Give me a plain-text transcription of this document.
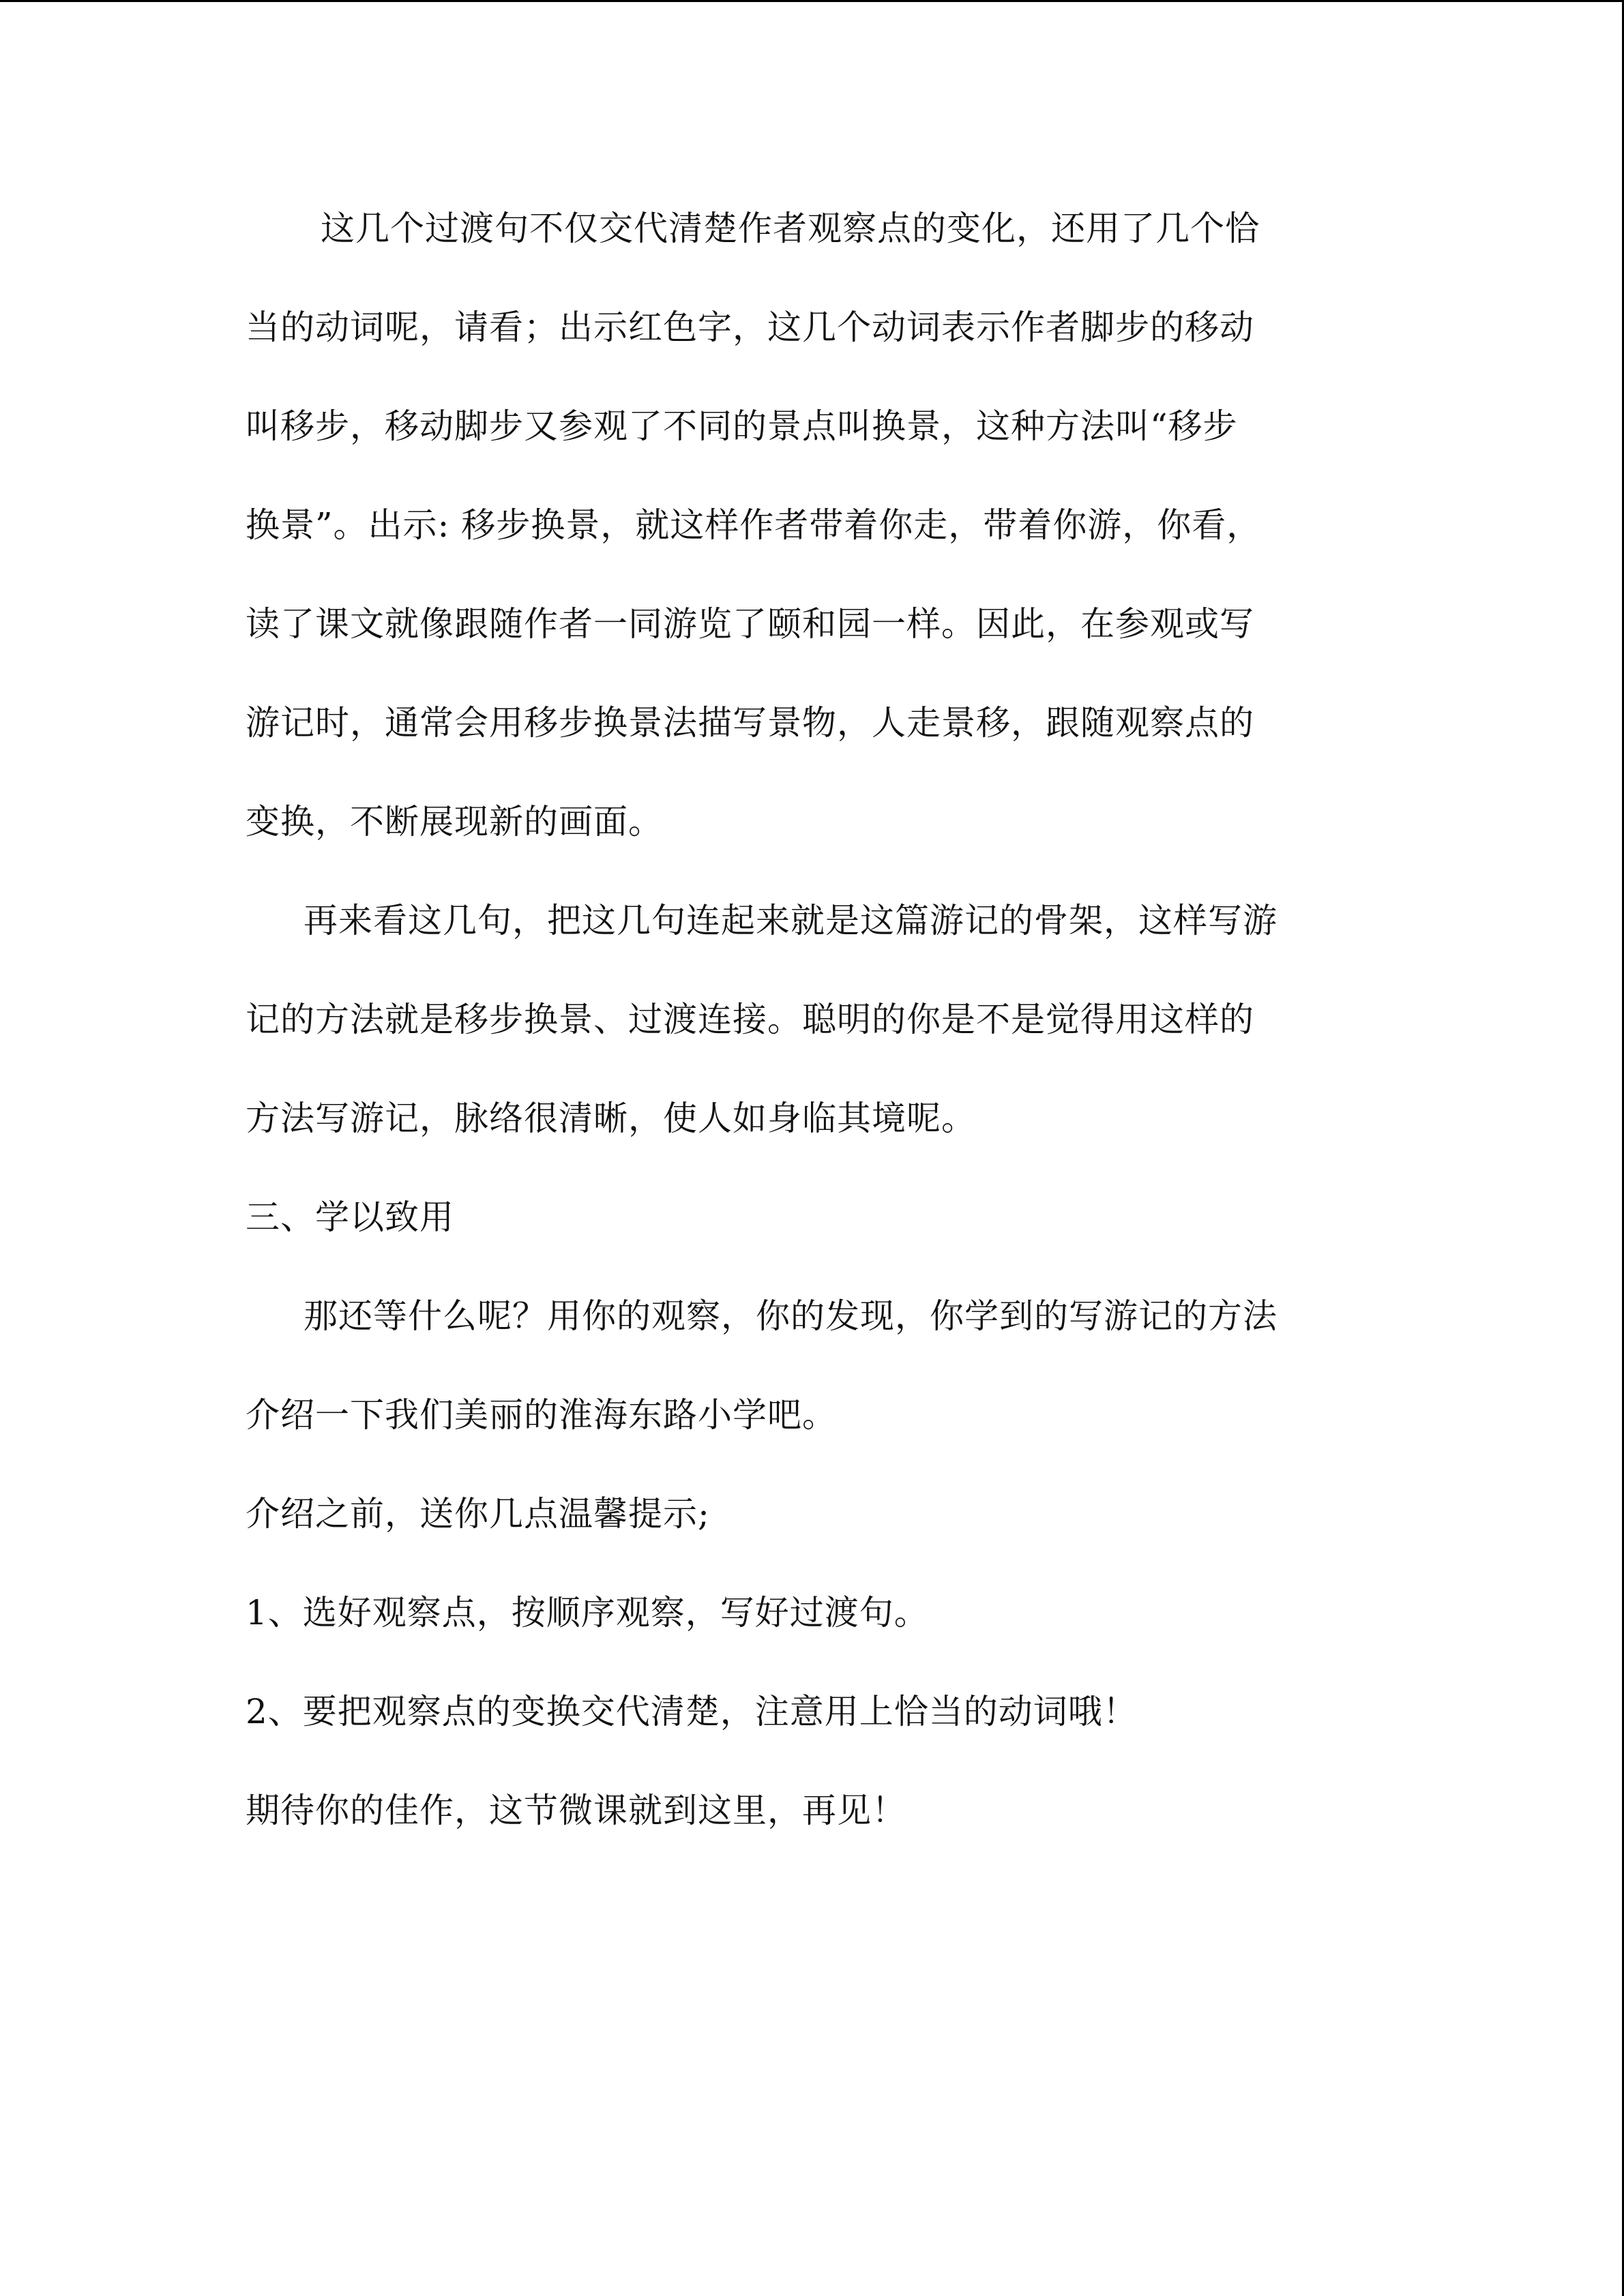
这几个过渡句不仅交代清楚作者观察点的变化，还用了几个恰
当的动词呢，请看；出示红色字，这几个动词表示作者脚步的移动
叫移步，移动脚步又参观了不同的景点叫换景，这种方法叫“移步
换景”。出示: 移步换景，就这样作者带着你走，带着你游，你看，
读了课文就像跟随作者一同游览了颐和园一样。因此，在参观或写
游记时，通常会用移步换景法描写景物，人走景移，跟随观察点的
变换，不断展现新的画面。
再来看这几句，把这几句连起来就是这篇游记的骨架，这样写游
记的方法就是移步换景、过渡连接。聪明的你是不是觉得用这样的
方法写游记，脉络很清晰，使人如身临其境呢。
三、学以致用
那还等什么呢？用你的观察，你的发现，你学到的写游记的方法
介绍一下我们美丽的淮海东路小学吧。
介绍之前，送你几点温馨提示;
1、选好观察点，按顺序观察，写好过渡句。
2、要把观察点的变换交代清楚，注意用上恰当的动词哦！
期待你的佳作，这节微课就到这里，再见！
